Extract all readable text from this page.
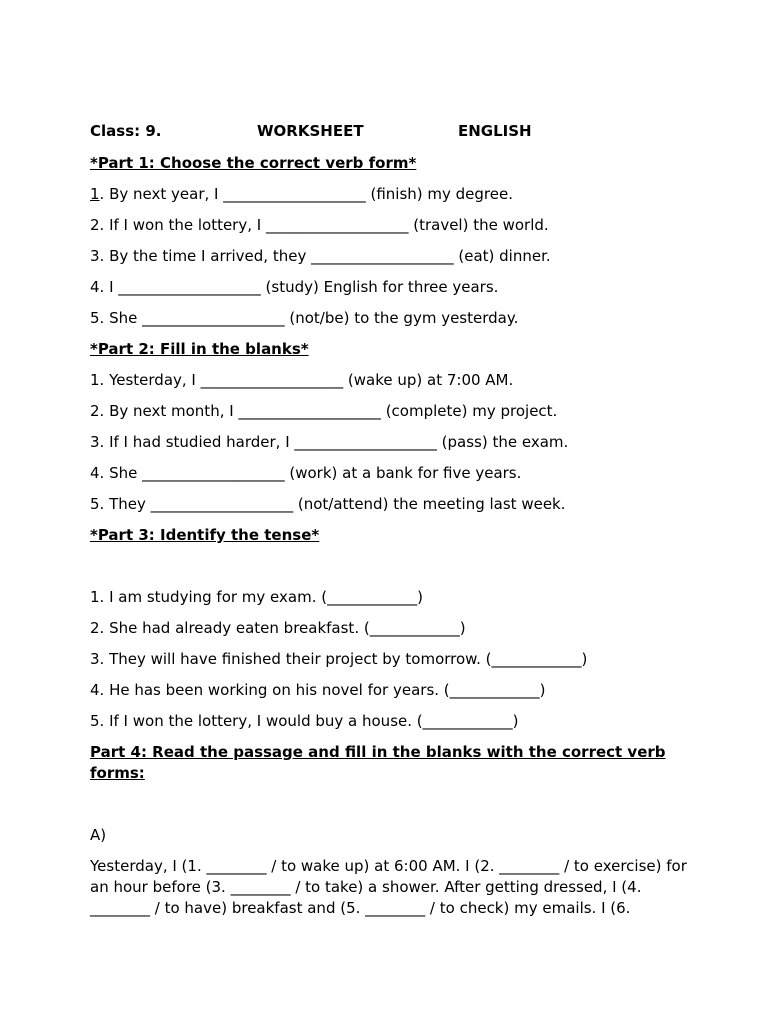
Class: 9.	WORKSHEET	ENGLISH
*Part 1: Choose the correct verb form*
1. By next year, I ___________________ (finish) my degree.
2. If I won the lottery, I ___________________ (travel) the world.
3. By the time I arrived, they ___________________ (eat) dinner.
4. I ___________________ (study) English for three years.
5. She ___________________ (not/be) to the gym yesterday.
*Part 2: Fill in the blanks*
1. Yesterday, I ___________________ (wake up) at 7:00 AM.
2. By next month, I ___________________ (complete) my project.
3. If I had studied harder, I ___________________ (pass) the exam.
4. She ___________________ (work) at a bank for five years.
5. They ___________________ (not/attend) the meeting last week.
*Part 3: Identify the tense*
1. I am studying for my exam. (____________)
2. She had already eaten breakfast. (____________)
3. They will have finished their project by tomorrow. (____________)
4. He has been working on his novel for years. (____________)
5. If I won the lottery, I would buy a house. (____________)
Part 4: Read the passage and fill in the blanks with the correct verb forms:
A)
Yesterday, I (1. ________ / to wake up) at 6:00 AM. I (2. ________ / to exercise) for an hour before (3. ________ / to take) a shower. After getting dressed, I (4. ________ / to have) breakfast and (5. ________ / to check) my emails. I (6.
